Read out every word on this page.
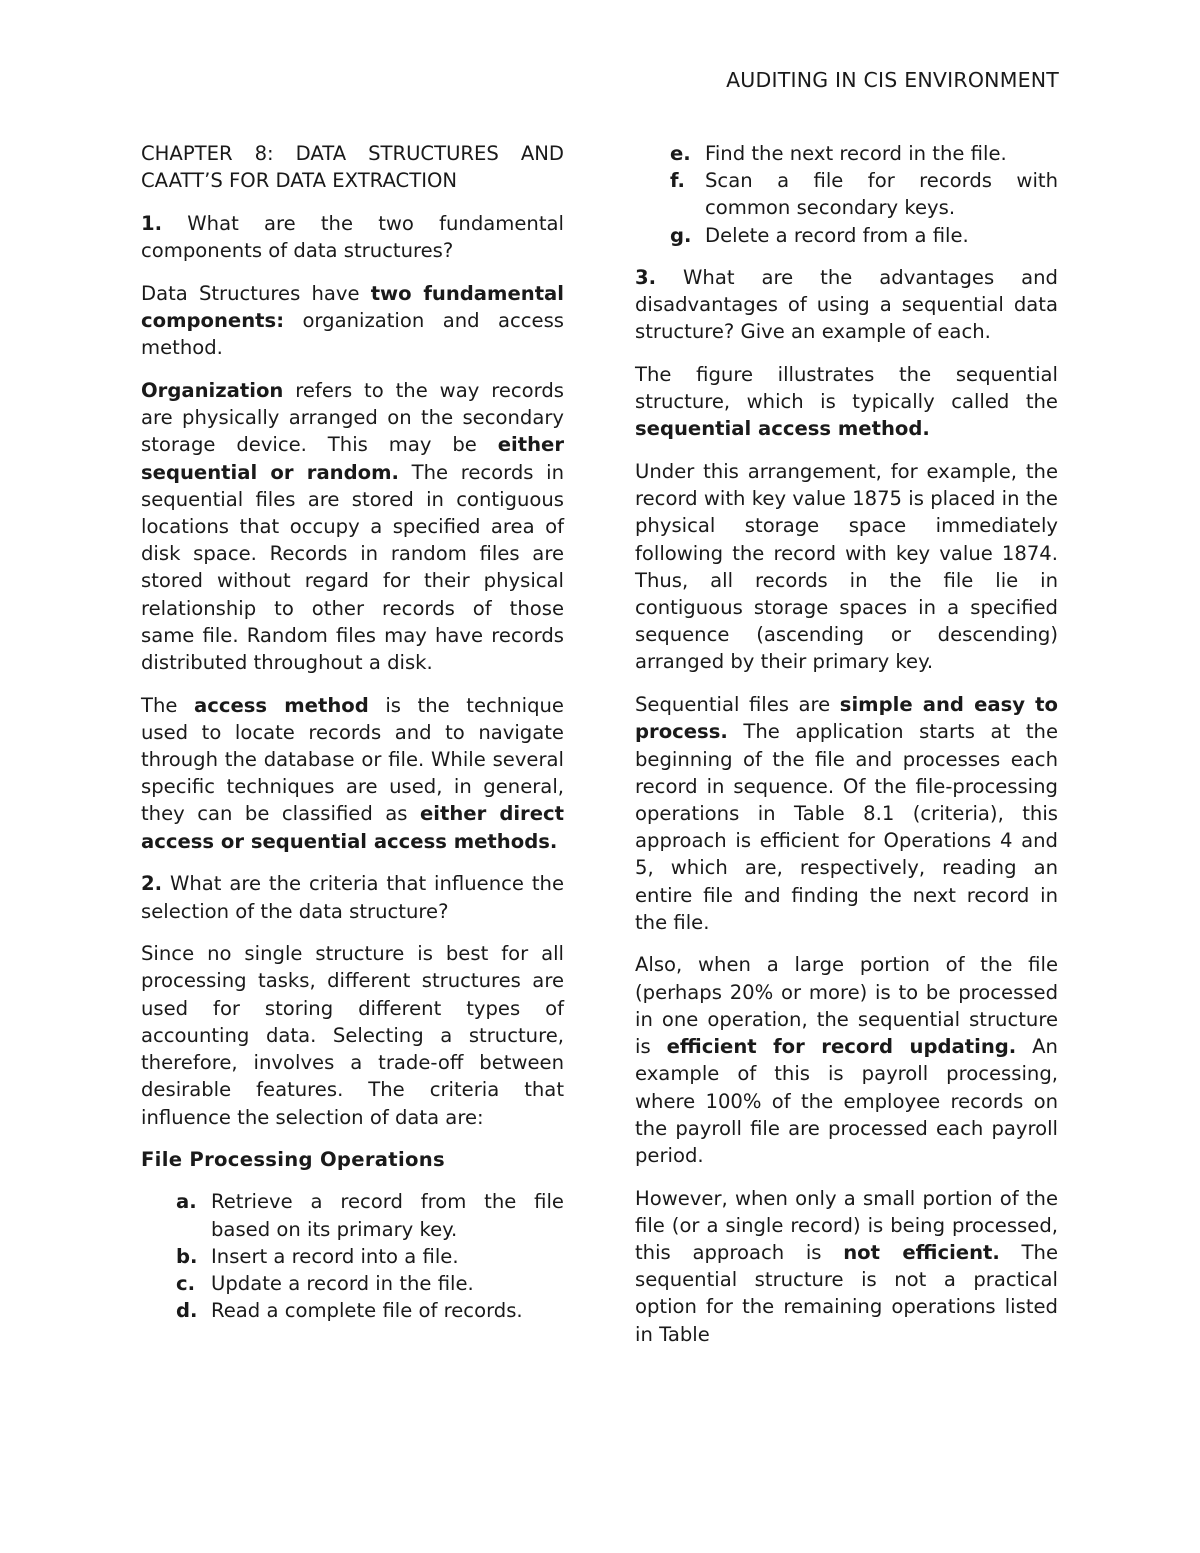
AUDITING IN CIS ENVIRONMENT
CHAPTER 8: DATA STRUCTURES AND CAATT’S FOR DATA EXTRACTION

1. What are the two fundamental components of data structures?

Data Structures have two fundamental components: organization and access method.

Organization refers to the way records are physically arranged on the secondary storage device. This may be either sequential or random. The records in sequential files are stored in contiguous locations that occupy a specified area of disk space. Records in random files are stored without regard for their physical relationship to other records of those same file. Random files may have records distributed throughout a disk.

The access method is the technique used to locate records and to navigate through the database or file. While several specific techniques are used, in general, they can be classified as either direct access or sequential access methods.

2. What are the criteria that influence the selection of the data structure?

Since no single structure is best for all processing tasks, different structures are used for storing different types of accounting data. Selecting a structure, therefore, involves a trade-off between desirable features. The criteria that influence the selection of data are:

File Processing Operations
a. Retrieve a record from the file based on its primary key.
b. Insert a record into a file.
c. Update a record in the file.
d. Read a complete file of records.
e. Find the next record in the file.
f. Scan a file for records with common secondary keys.
g. Delete a record from a file.

3. What are the advantages and disadvantages of using a sequential data structure? Give an example of each.

The figure illustrates the sequential structure, which is typically called the sequential access method.

Under this arrangement, for example, the record with key value 1875 is placed in the physical storage space immediately following the record with key value 1874. Thus, all records in the file lie in contiguous storage spaces in a specified sequence (ascending or descending) arranged by their primary key.

Sequential files are simple and easy to process. The application starts at the beginning of the file and processes each record in sequence. Of the file-processing operations in Table 8.1 (criteria), this approach is efficient for Operations 4 and 5, which are, respectively, reading an entire file and finding the next record in the file.

Also, when a large portion of the file (perhaps 20% or more) is to be processed in one operation, the sequential structure is efficient for record updating. An example of this is payroll processing, where 100% of the employee records on the payroll file are processed each payroll period.

However, when only a small portion of the file (or a single record) is being processed, this approach is not efficient. The sequential structure is not a practical option for the remaining operations listed in Table
